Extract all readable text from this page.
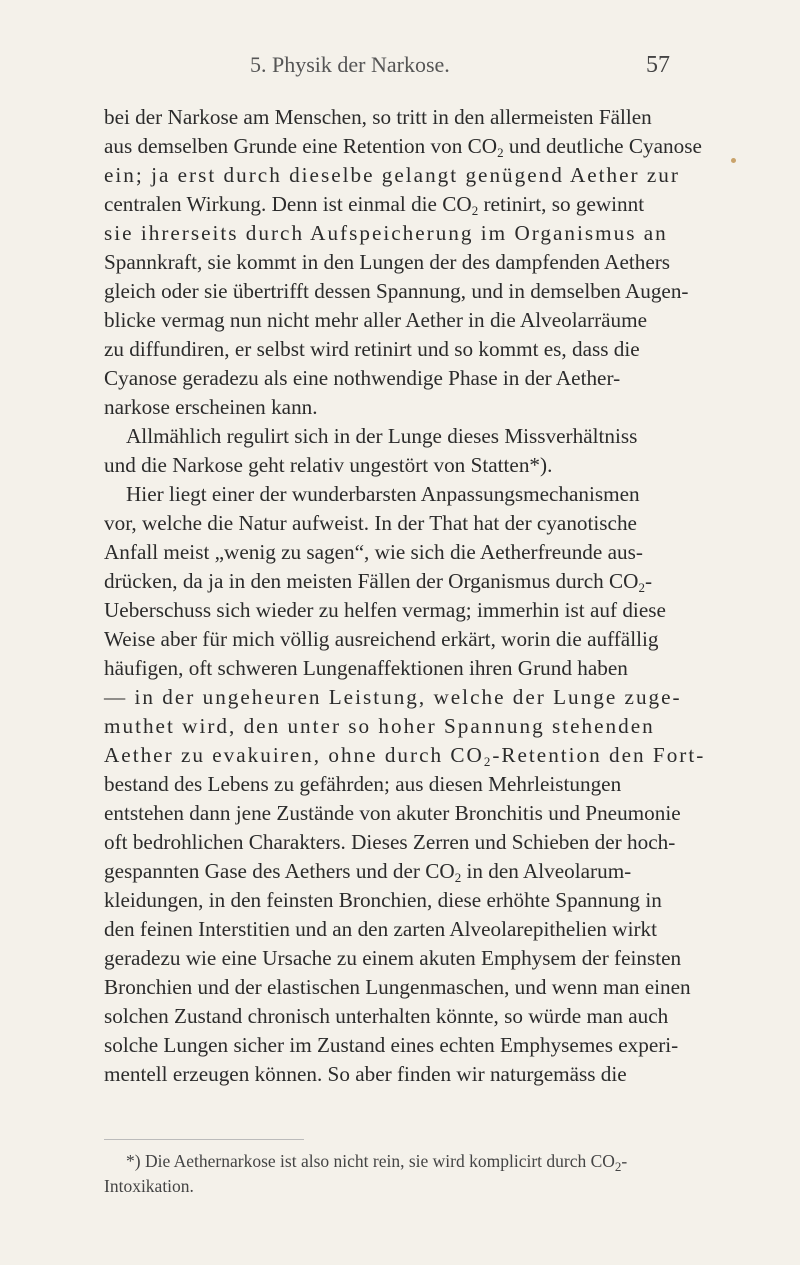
5. Physik der Narkose.	57
bei der Narkose am Menschen, so tritt in den allermeisten Fällen
aus demselben Grunde eine Retention von $CO_2$ und deutliche Cyanose
ein; ja erst durch dieselbe gelangt genügend Aether zur
centralen Wirkung. Denn ist einmal die $CO_2$ retinirt, so gewinnt
sie ihrerseits durch Aufspeicherung im Organismus an
Spannkraft, sie kommt in den Lungen der des dampfenden Aethers
gleich oder sie übertrifft dessen Spannung, und in demselben Augen-
blicke vermag nun nicht mehr aller Aether in die Alveolarräume
zu diffundiren, er selbst wird retinirt und so kommt es, dass die
Cyanose geradezu als eine nothwendige Phase in der Aether-
narkose erscheinen kann.
Allmählich regulirt sich in der Lunge dieses Missverhältniss
und die Narkose geht relativ ungestört von Statten*).
Hier liegt einer der wunderbarsten Anpassungsmechanismen
vor, welche die Natur aufweist. In der That hat der cyanotische
Anfall meist „wenig zu sagen“, wie sich die Aetherfreunde aus-
drücken, da ja in den meisten Fällen der Organismus durch $CO_2-$
Ueberschuss sich wieder zu helfen vermag; immerhin ist auf diese
Weise aber für mich völlig ausreichend erkärt, worin die auffällig
häufigen, oft schweren Lungenaffektionen ihren Grund haben
— in der ungeheuren Leistung, welche der Lunge zuge-
muthet wird, den unter so hoher Spannung stehenden
Aether zu evakuiren, ohne durch $CO_2$-Retention den Fort-
bestand des Lebens zu gefährden; aus diesen Mehrleistungen
entstehen dann jene Zustände von akuter Bronchitis und Pneumonie
oft bedrohlichen Charakters. Dieses Zerren und Schieben der hoch-
gespannten Gase des Aethers und der $CO_2$ in den Alveolarum-
kleidungen, in den feinsten Bronchien, diese erhöhte Spannung in
den feinen Interstitien und an den zarten Alveolarepithelien wirkt
geradezu wie eine Ursache zu einem akuten Emphysem der feinsten
Bronchien und der elastischen Lungenmaschen, und wenn man einen
solchen Zustand chronisch unterhalten könnte, so würde man auch
solche Lungen sicher im Zustand eines echten Emphysemes experi-
mentell erzeugen können. So aber finden wir naturgemäss die
*) Die Aethernarkose ist also nicht rein, sie wird komplicirt durch $CO_2-$
Intoxikation.
